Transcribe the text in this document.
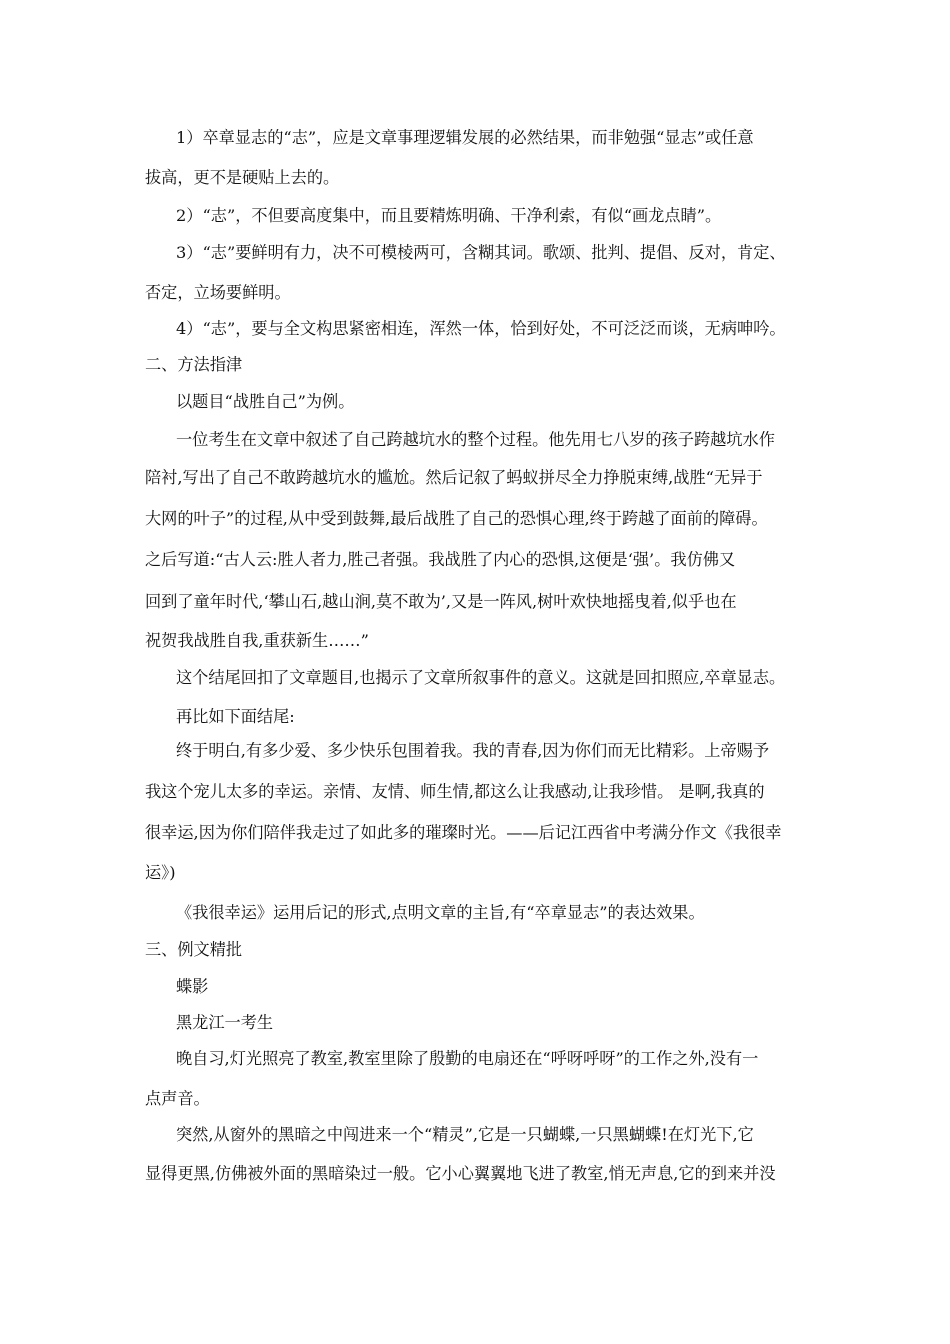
1）卒章显志的“志”，应是文章事理逻辑发展的必然结果，而非勉强“显志”或任意
拔高，更不是硬贴上去的。
2）“志”，不但要高度集中，而且要精炼明确、干净利索，有似“画龙点睛”。
3）“志”要鲜明有力，决不可模棱两可，含糊其词。歌颂、批判、提倡、反对，肯定、
否定，立场要鲜明。
4）“志”，要与全文构思紧密相连，浑然一体，恰到好处，不可泛泛而谈，无病呻吟。
二、方法指津
以题目“战胜自己”为例。
一位考生在文章中叙述了自己跨越坑水的整个过程。他先用七八岁的孩子跨越坑水作
陪衬,写出了自己不敢跨越坑水的尴尬。然后记叙了蚂蚁拼尽全力挣脱束缚,战胜“无异于
大网的叶子”的过程,从中受到鼓舞,最后战胜了自己的恐惧心理,终于跨越了面前的障碍。
之后写道:“古人云:胜人者力,胜己者强。我战胜了内心的恐惧,这便是‘强’。我仿佛又
回到了童年时代,‘攀山石,越山涧,莫不敢为’,又是一阵风,树叶欢快地摇曳着,似乎也在
祝贺我战胜自我,重获新生……”
这个结尾回扣了文章题目,也揭示了文章所叙事件的意义。这就是回扣照应,卒章显志。
再比如下面结尾:
终于明白,有多少爱、多少快乐包围着我。我的青春,因为你们而无比精彩。上帝赐予
我这个宠儿太多的幸运。亲情、友情、师生情,都这么让我感动,让我珍惜。 是啊,我真的
很幸运,因为你们陪伴我走过了如此多的璀璨时光。——后记江西省中考满分作文《我很幸
运》)
《我很幸运》运用后记的形式,点明文章的主旨,有“卒章显志”的表达效果。
三、例文精批
蝶影
黑龙江一考生
晚自习,灯光照亮了教室,教室里除了殷勤的电扇还在“呼呀呼呀”的工作之外,没有一
点声音。
突然,从窗外的黑暗之中闯进来一个“精灵”,它是一只蝴蝶,一只黑蝴蝶!在灯光下,它
显得更黑,仿佛被外面的黑暗染过一般。它小心翼翼地飞进了教室,悄无声息,它的到来并没
